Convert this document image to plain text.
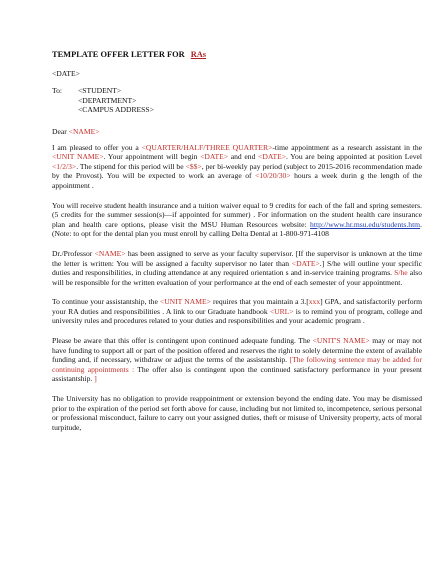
TEMPLATE OFFER LETTER FOR RAs
<DATE>
To:	<STUDENT>
<DEPARTMENT>
<CAMPUS ADDRESS>
Dear <NAME>

I am pleased to offer you a <QUARTER/HALF/THREE QUARTER>-time appointment as a research assistant in the <UNIT NAME>. Your appointment will begin <DATE> and end <DATE>. You are being appointed at position Level <1/2/3>. The stipend for this period will be <$$>, per bi-weekly pay period (subject to 2015-2016 recommendation made by the Provost). You will be expected to work an average of <10/20/30> hours a week durin g the length of the appointment .

You will receive student health insurance and a tuition waiver equal to 9 credits for each of the fall and spring semesters. (5 credits for the summer session(s)—if appointed for summer) . For information on the student health care insurance plan and health care options, please visit the MSU Human Resources website: http://www.hr.msu.edu/students.htm. (Note: to opt for the dental plan you must enroll by calling Delta Dental at 1-800-971-4108

Dr./Professor <NAME> has been assigned to serve as your faculty supervisor. [If the supervisor is unknown at the time the letter is written: You will be assigned a faculty supervisor no later than <DATE>.] S/he will outline your specific duties and responsibilities, in cluding attendance at any required orientation s and in-service training programs. S/he also will be responsible for the written evaluation of your performance at the end of each semester of your appointment.

To continue your assistantship, the <UNIT NAME> requires that you maintain a 3.[xxx] GPA, and satisfactorily perform your RA duties and responsibilities . A link to our Graduate handbook <URL> is to remind you of program, college and university rules and procedures related to your duties and responsibilities and your academic program .

Please be aware that this offer is contingent upon continued adequate funding. The <UNIT'S NAME> may or may not have funding to support all or part of the position offered and reserves the right to solely determine the extent of available funding and, if necessary, withdraw or adjust the terms of the assistantship. [The following sentence may be added for continuing appointments : The offer also is contingent upon the continued satisfactory performance in your present assistantship. ]

The University has no obligation to provide reappointment or extension beyond the ending date. You may be dismissed prior to the expiration of the period set forth above for cause, including but not limited to, incompetence, serious personal or professional misconduct, failure to carry out your assigned duties, theft or misuse of University property, acts of moral turpitude,
